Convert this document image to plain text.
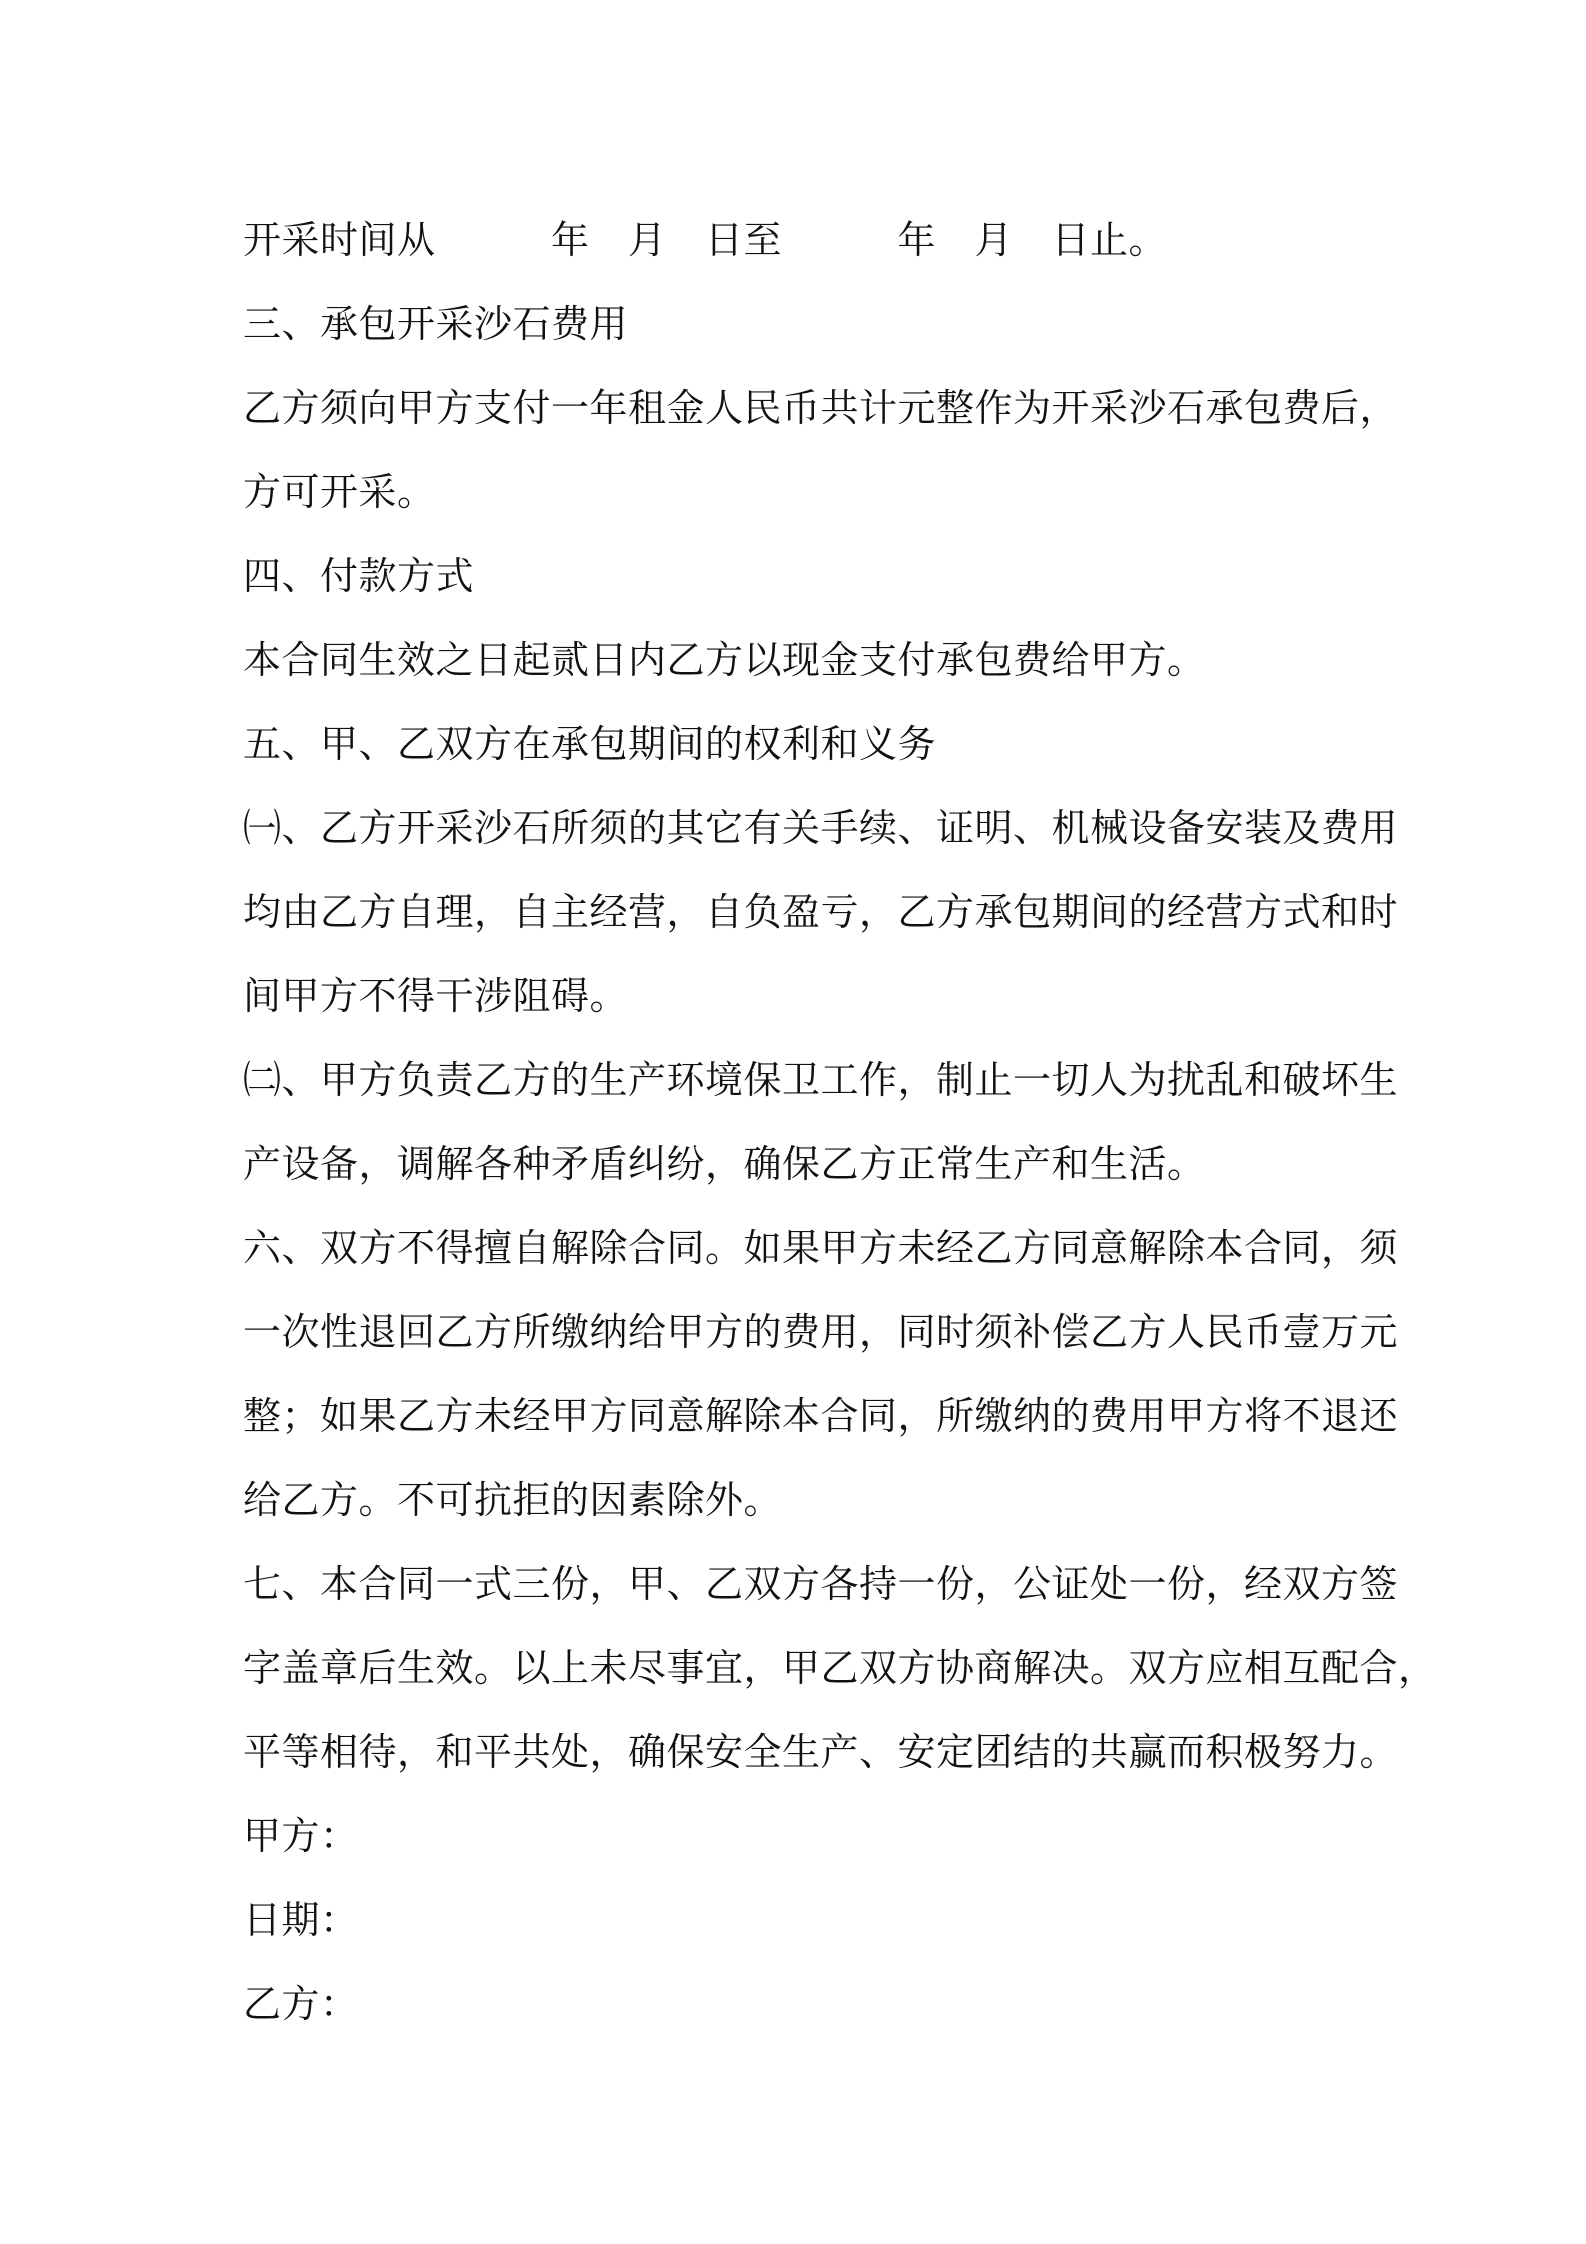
开采时间从　　　年　月　日至　　　年　月　日止。
三、承包开采沙石费用
乙方须向甲方支付一年租金人民币共计元整作为开采沙石承包费后，
方可开采。
四、付款方式
本合同生效之日起贰日内乙方以现金支付承包费给甲方。
五、甲、乙双方在承包期间的权利和义务
㈠、乙方开采沙石所须的其它有关手续、证明、机械设备安装及费用
均由乙方自理，自主经营，自负盈亏，乙方承包期间的经营方式和时
间甲方不得干涉阻碍。
㈡、甲方负责乙方的生产环境保卫工作，制止一切人为扰乱和破坏生
产设备，调解各种矛盾纠纷，确保乙方正常生产和生活。
六、双方不得擅自解除合同。如果甲方未经乙方同意解除本合同，须
一次性退回乙方所缴纳给甲方的费用，同时须补偿乙方人民币壹万元
整；如果乙方未经甲方同意解除本合同，所缴纳的费用甲方将不退还
给乙方。不可抗拒的因素除外。
七、本合同一式三份，甲、乙双方各持一份，公证处一份，经双方签
字盖章后生效。以上未尽事宜，甲乙双方协商解决。双方应相互配合，
平等相待，和平共处，确保安全生产、安定团结的共赢而积极努力。
甲方：
日期：
乙方：
